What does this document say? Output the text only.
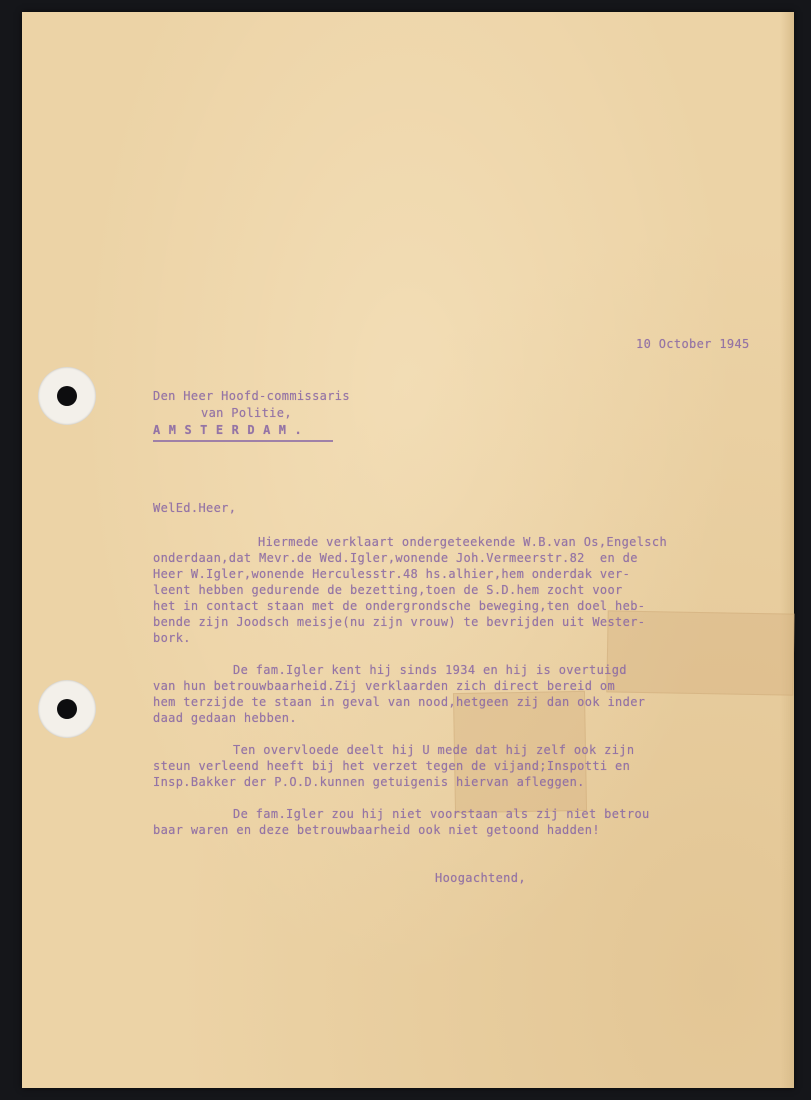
10 October 1945
Den Heer Hoofd-commissaris
van Politie,
AMSTERDAM.
WelEd.Heer,
Hiermede verklaart ondergeteekende W.B.van Os,Engelsch
onderdaan,dat Mevr.de Wed.Igler,wonende Joh.Vermeerstr.82  en de
Heer W.Igler,wonende Herculesstr.48 hs.alhier,hem onderdak ver-
leent hebben gedurende de bezetting,toen de S.D.hem zocht voor
het in contact staan met de ondergrondsche beweging,ten doel heb-
bende zijn Joodsch meisje(nu zijn vrouw) te bevrijden uit Wester-
bork.
De fam.Igler kent hij sinds 1934 en hij is overtuigd
van hun betrouwbaarheid.Zij verklaarden zich direct bereid om
hem terzijde te staan in geval van nood,hetgeen zij dan ook inder
daad gedaan hebben.
Ten overvloede deelt hij U mede dat hij zelf ook zijn
steun verleend heeft bij het verzet tegen de vijand;Inspotti en
Insp.Bakker der P.O.D.kunnen getuigenis hiervan afleggen.
De fam.Igler zou hij niet voorstaan als zij niet betrou
baar waren en deze betrouwbaarheid ook niet getoond hadden!
Hoogachtend,
